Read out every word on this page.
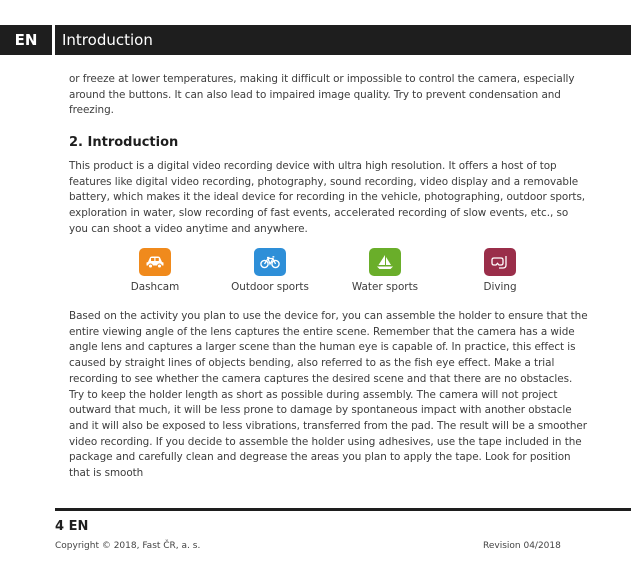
EN	Introduction

or freeze at lower temperatures, making it difficult or impossible to control the camera, especially around the buttons. It can also lead to impaired image quality. Try to prevent condensation and freezing.

2. Introduction

This product is a digital video recording device with ultra high resolution. It offers a host of top features like digital video recording, photography, sound recording, video display and a removable battery, which makes it the ideal device for recording in the vehicle, photographing, outdoor sports, exploration in water, slow recording of fast events, accelerated recording of slow events, etc., so you can shoot a video anytime and anywhere.

Dashcam	Outdoor sports	Water sports	Diving

Based on the activity you plan to use the device for, you can assemble the holder to ensure that the entire viewing angle of the lens captures the entire scene. Remember that the camera has a wide angle lens and captures a larger scene than the human eye is capable of. In practice, this effect is caused by straight lines of objects bending, also referred to as the fish eye effect. Make a trial recording to see whether the camera captures the desired scene and that there are no obstacles. Try to keep the holder length as short as possible during assembly. The camera will not project outward that much, it will be less prone to damage by spontaneous impact with another obstacle and it will also be exposed to less vibrations, transferred from the pad. The result will be a smoother video recording. If you decide to assemble the holder using adhesives, use the tape included in the package and carefully clean and degrease the areas you plan to apply the tape. Look for position that is smooth

4 EN
Copyright © 2018, Fast ČR, a. s.	Revision 04/2018
